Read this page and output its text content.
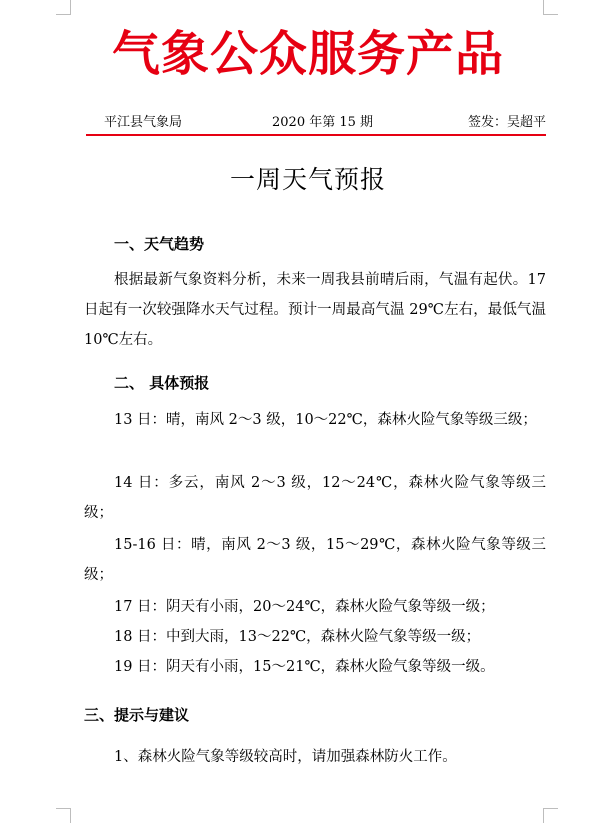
气象公众服务产品
平江县气象局	2020 年第 15 期	签发：吴超平
一周天气预报
一、天气趋势
根据最新气象资料分析，未来一周我县前晴后雨，气温有起伏。17 日起有一次较强降水天气过程。预计一周最高气温 29℃左右，最低气温 10℃左右。
二、 具体预报
13 日：晴，南风 2～3 级，10～22℃，森林火险气象等级三级；
14 日：多云，南风 2～3 级，12～24℃，森林火险气象等级三级；
15-16 日：晴，南风 2～3 级，15～29℃，森林火险气象等级三级；
17 日：阴天有小雨，20～24℃，森林火险气象等级一级；
18 日：中到大雨，13～22℃，森林火险气象等级一级；
19 日：阴天有小雨，15～21℃，森林火险气象等级一级。
三、提示与建议
1、森林火险气象等级较高时，请加强森林防火工作。
